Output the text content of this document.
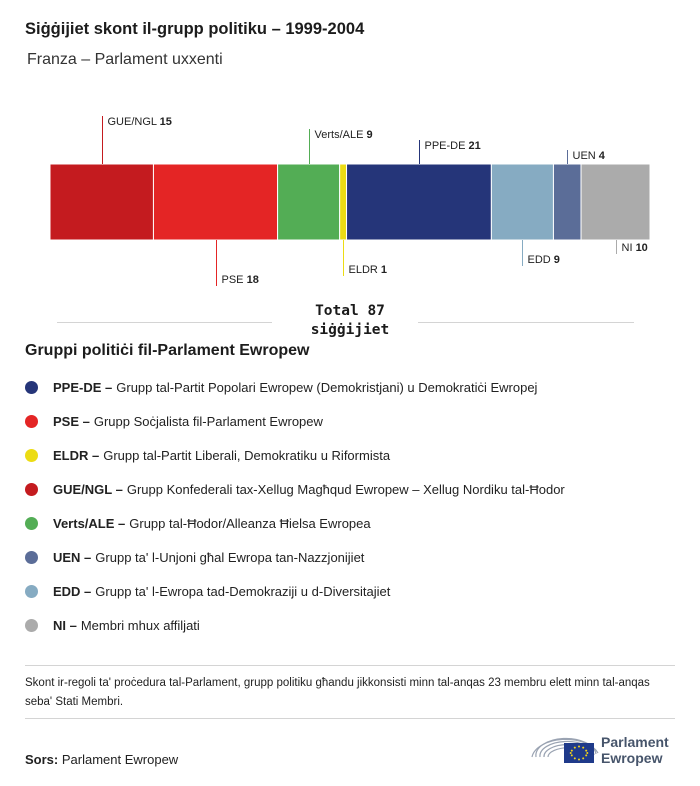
Siġġijiet skont il-grupp politiku – 1999-2004
Franza – Parlament uxxenti
GUE/NGL 15
PSE 18
Verts/ALE 9
ELDR 1
PPE-DE 21
EDD 9
UEN 4
NI 10
Total 87
siġġijiet
Gruppi politiċi fil-Parlament Ewropew
PPE-DE – Grupp tal-Partit Popolari Ewropew (Demokristjani) u Demokratiċi Ewropej
PSE – Grupp Soċjalista fil-Parlament Ewropew
ELDR – Grupp tal-Partit Liberali, Demokratiku u Riformista
GUE/NGL – Grupp Konfederali tax-Xellug Magħqud Ewropew – Xellug Nordiku tal-Ħodor
Verts/ALE – Grupp tal-Ħodor/Alleanza Ħielsa Ewropea
UEN – Grupp ta' l-Unjoni għal Ewropa tan-Nazzjonijiet
EDD – Grupp ta' l-Ewropa tad-Demokraziji u d-Diversitajiet
NI – Membri mhux affiljati
Skont ir-regoli ta' proċedura tal-Parlament, grupp politiku għandu jikkonsisti minn tal-anqas 23 membru elett minn tal-anqas seba' Stati Membri.
Sors: Parlament Ewropew
Parlament
Ewropew
